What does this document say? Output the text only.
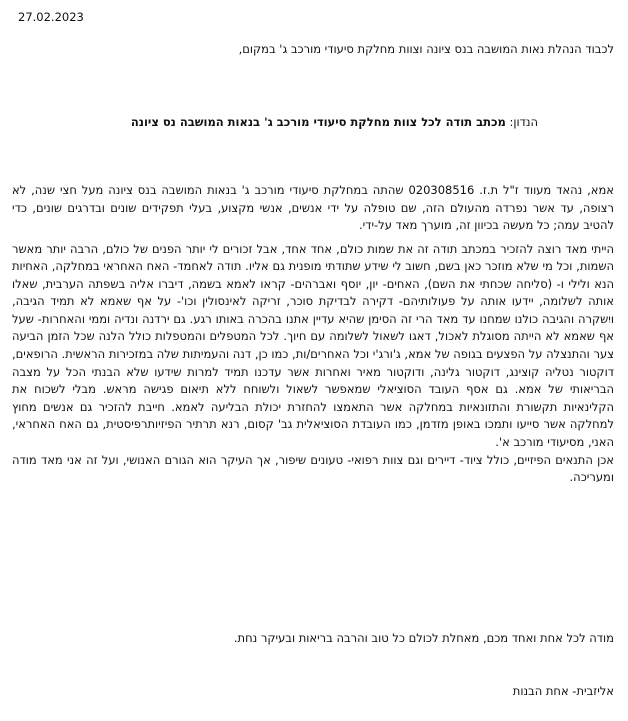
27.02.2023
לכבוד הנהלת נאות המושבה בנס ציונה וצוות מחלקת סיעודי מורכב ג' במקום,
הנדון: מכתב תודה לכל צוות מחלקת סיעודי מורכב ג' בנאות המושבה נס ציונה

אמא, נהאד מעווד ז"ל ת.ז. 020308516 שהתה במחלקת סיעודי מורכב ג' בנאות המושבה בנס ציונה מעל חצי שנה, לא רצופה, עד אשר נפרדה מהעולם הזה, שם טופלה על ידי אנשים, אנשי מקצוע, בעלי תפקידים שונים ובדרגים שונים, כדי להטיב עמה; כל מעשה בכיוון זה, מוערך מאד על-ידי.

הייתי מאד רוצה להזכיר במכתב תודה זה את שמות כולם, אחד אחד, אבל זכורים לי יותר הפנים של כולם, הרבה יותר מאשר השמות, וכל מי שלא מוזכר כאן בשם, חשוב לי שידע שתודתי מופנית גם אליו. תודה לאחמד- האח האחראי במחלקה, האחיות הנא ולילי ו- (סליחה שכחתי את השם), האחים- יון, יוסף ואברהים- קראו לאמא בשמה, דיברו אליה בשפתה הערבית, שאלו אותה לשלומה, יידעו אותה על פעולותיהם- דקירה לבדיקת סוכר, זריקה לאינסולין וכו'- על אף שאמא לא תמיד הגיבה, ויִשקרה והגיבה כולנו שמחנו עד מאד הרי זה הסימן שהיא עדיין אתנו בהכרה באותו רגע. גם ירדנה ונדיה וממי והאחרות- שעל אף שאמא לא הייתה מסוגלת לאכול, דאגו לשאול לשלומה עם חיוך. לכל המטפלים והמטפלות כולל הלנה שכל הזמן הביעה צער והתנצלה על הפצעים בגופה של אמא, ג'ורג'י וכל האחרים/ות, כמו כן, דנה והעמיתות שלה במזכירות הראשית. הרופאים, דוקטור נטליה קוצינג, דוקטור גלינה, ודוקטור מאיר ואחרות אשר עדכנו תמיד למרות שידעו שלא הבנתי הכל על מצבה הבריאותי של אמא. גם אסף העובד הסוציאלי שמאפשר לשאול ולשוחח ללא תיאום פגישה מראש. מבלי לשכוח את הקלינאיות תקשורת והתזונאיות במחלקה אשר התאמצו להחזרת יכולת הבליעה לאמא. חייבת להזכיר גם אנשים מחוץ למחלקה אשר סייעו ותמכו באופן מזדמן, כמו העובדת הסוציאלית גב' קסום, רנא תרתיר הפיזיותרפיסטית, גם האח האחראי, האני, מסיעודי מורכב א'.

אכן התנאים הפיזיים, כולל ציוד- דיירים וגם צוות רפואי- טעונים שיפור, אך העיקר הוא הגורם האנושי, ועל זה אני מאד מודה ומעריכה.

מודה לכל אחת ואחד מכם, מאחלת לכולם כל טוב והרבה בריאות ובעיקר נחת.
אליזבית- אחת הבנות
